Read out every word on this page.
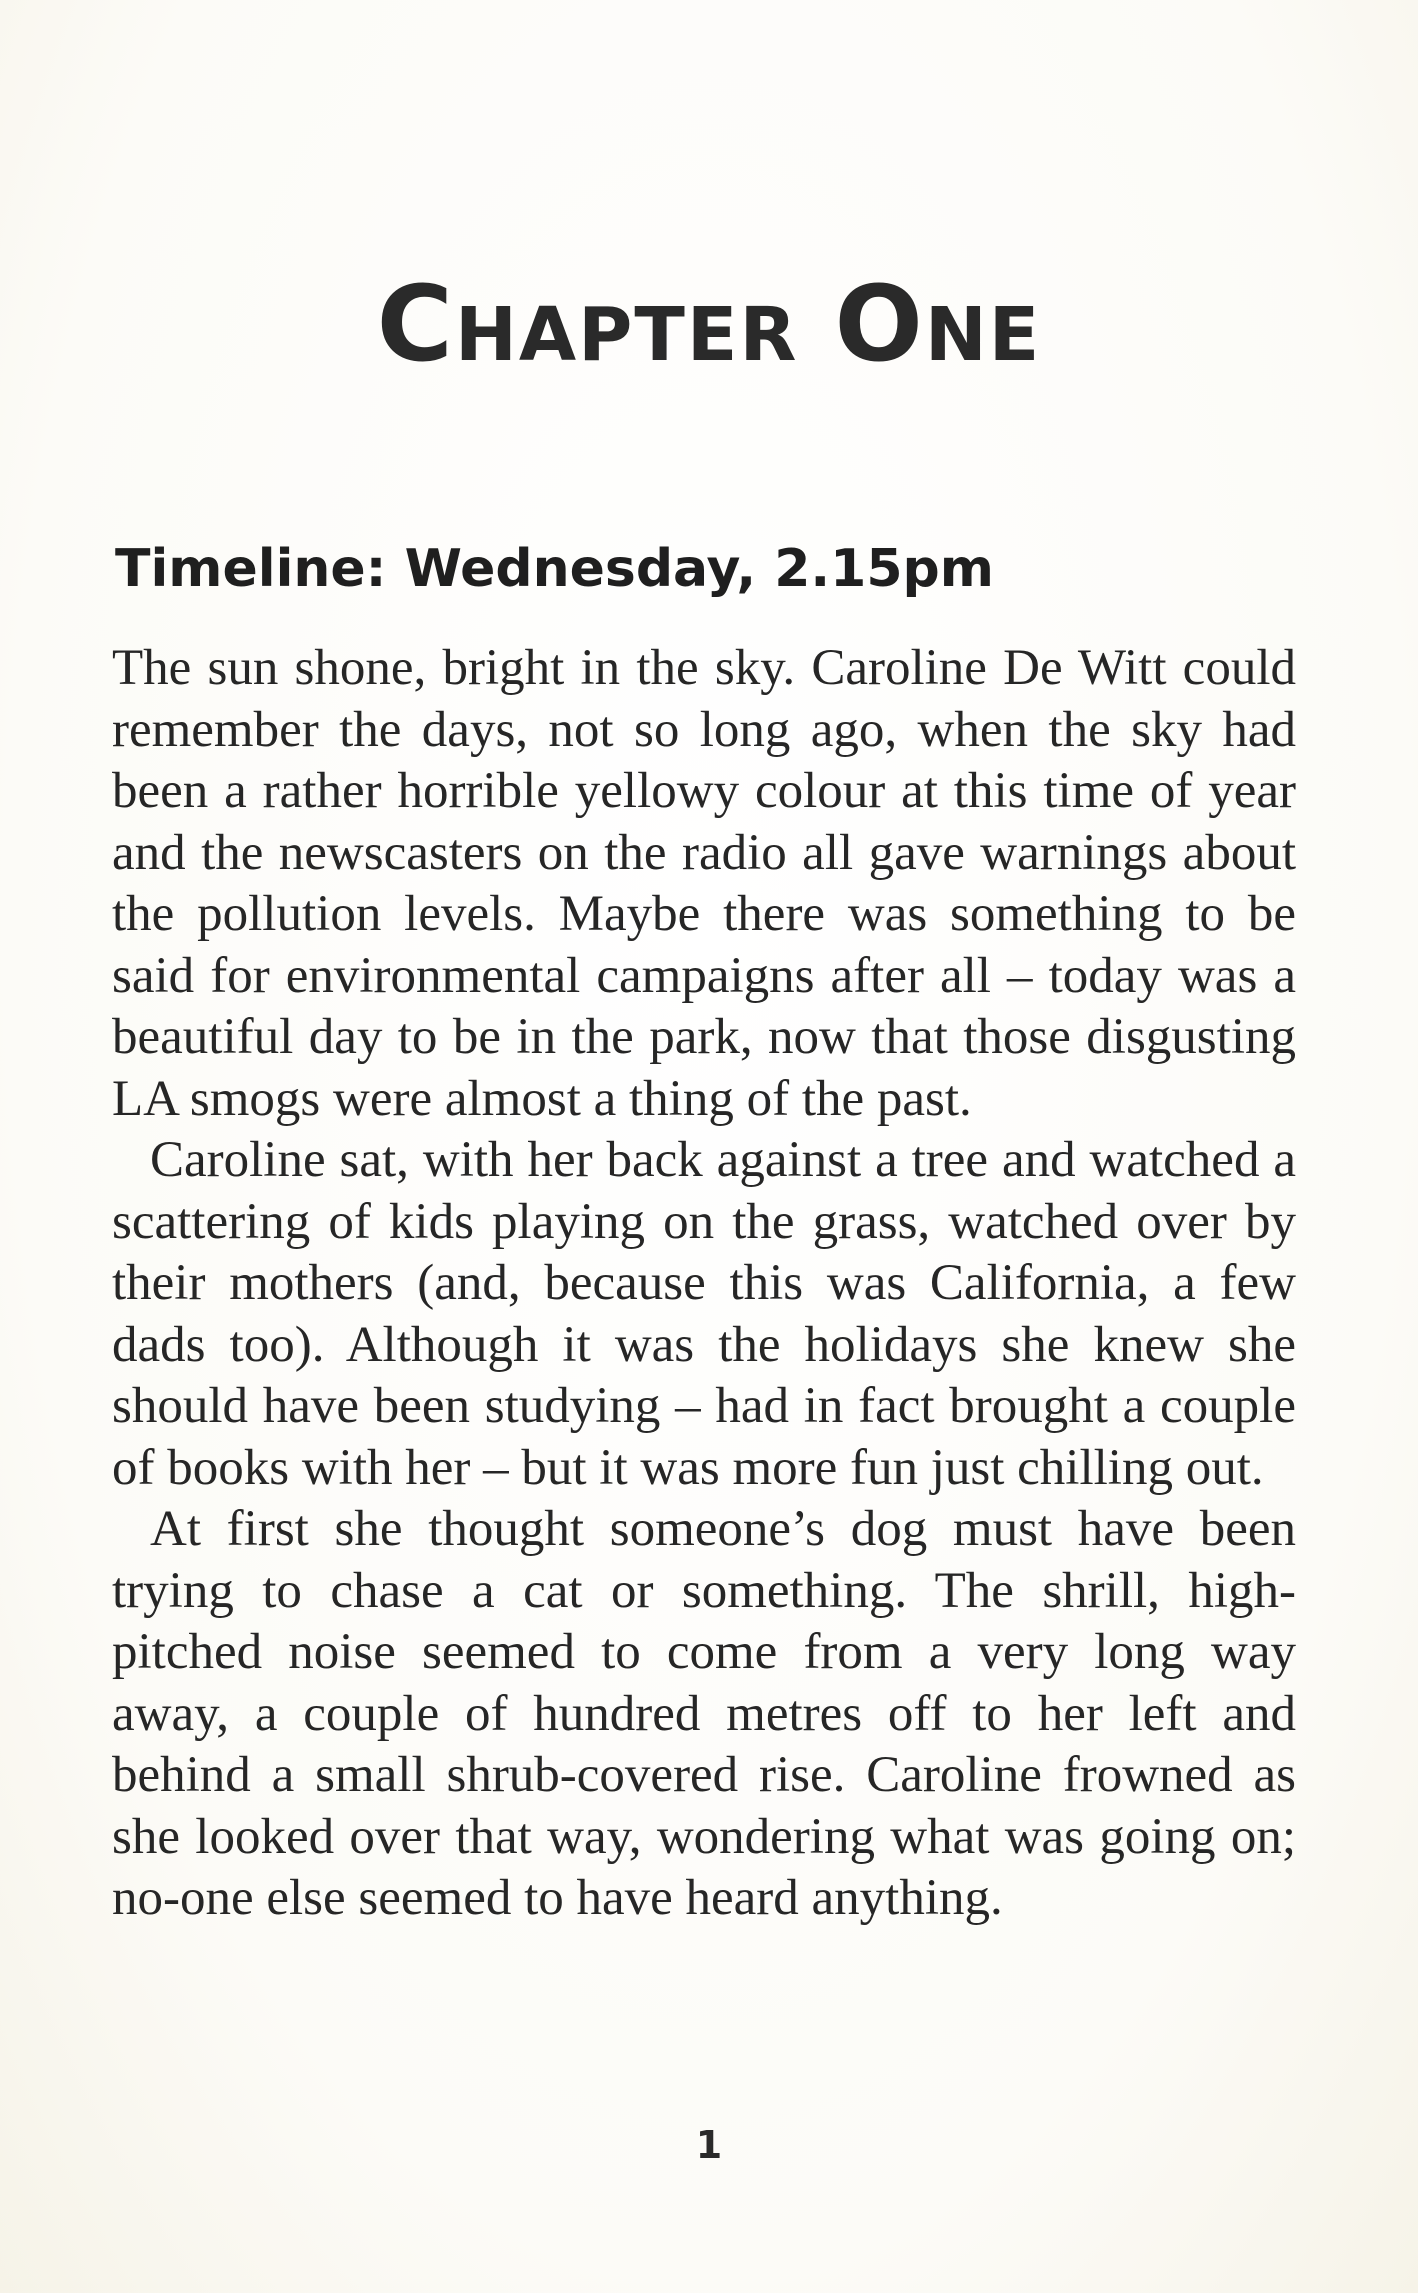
CHAPTER ONE
Timeline: Wednesday, 2.15pm

The sun shone, bright in the sky. Caroline De Witt could remember the days, not so long ago, when the sky had been a rather horrible yellowy colour at this time of year and the newscasters on the radio all gave warnings about the pollution levels. Maybe there was something to be said for environmental campaigns after all – today was a beautiful day to be in the park, now that those disgusting LA smogs were almost a thing of the past.

Caroline sat, with her back against a tree and watched a scattering of kids playing on the grass, watched over by their mothers (and, because this was California, a few dads too). Although it was the holidays she knew she should have been studying – had in fact brought a couple of books with her – but it was more fun just chilling out.

At first she thought someone’s dog must have been trying to chase a cat or something. The shrill, high-pitched noise seemed to come from a very long way away, a couple of hundred metres off to her left and behind a small shrub-covered rise. Caroline frowned as she looked over that way, wondering what was going on; no-one else seemed to have heard anything.

1
